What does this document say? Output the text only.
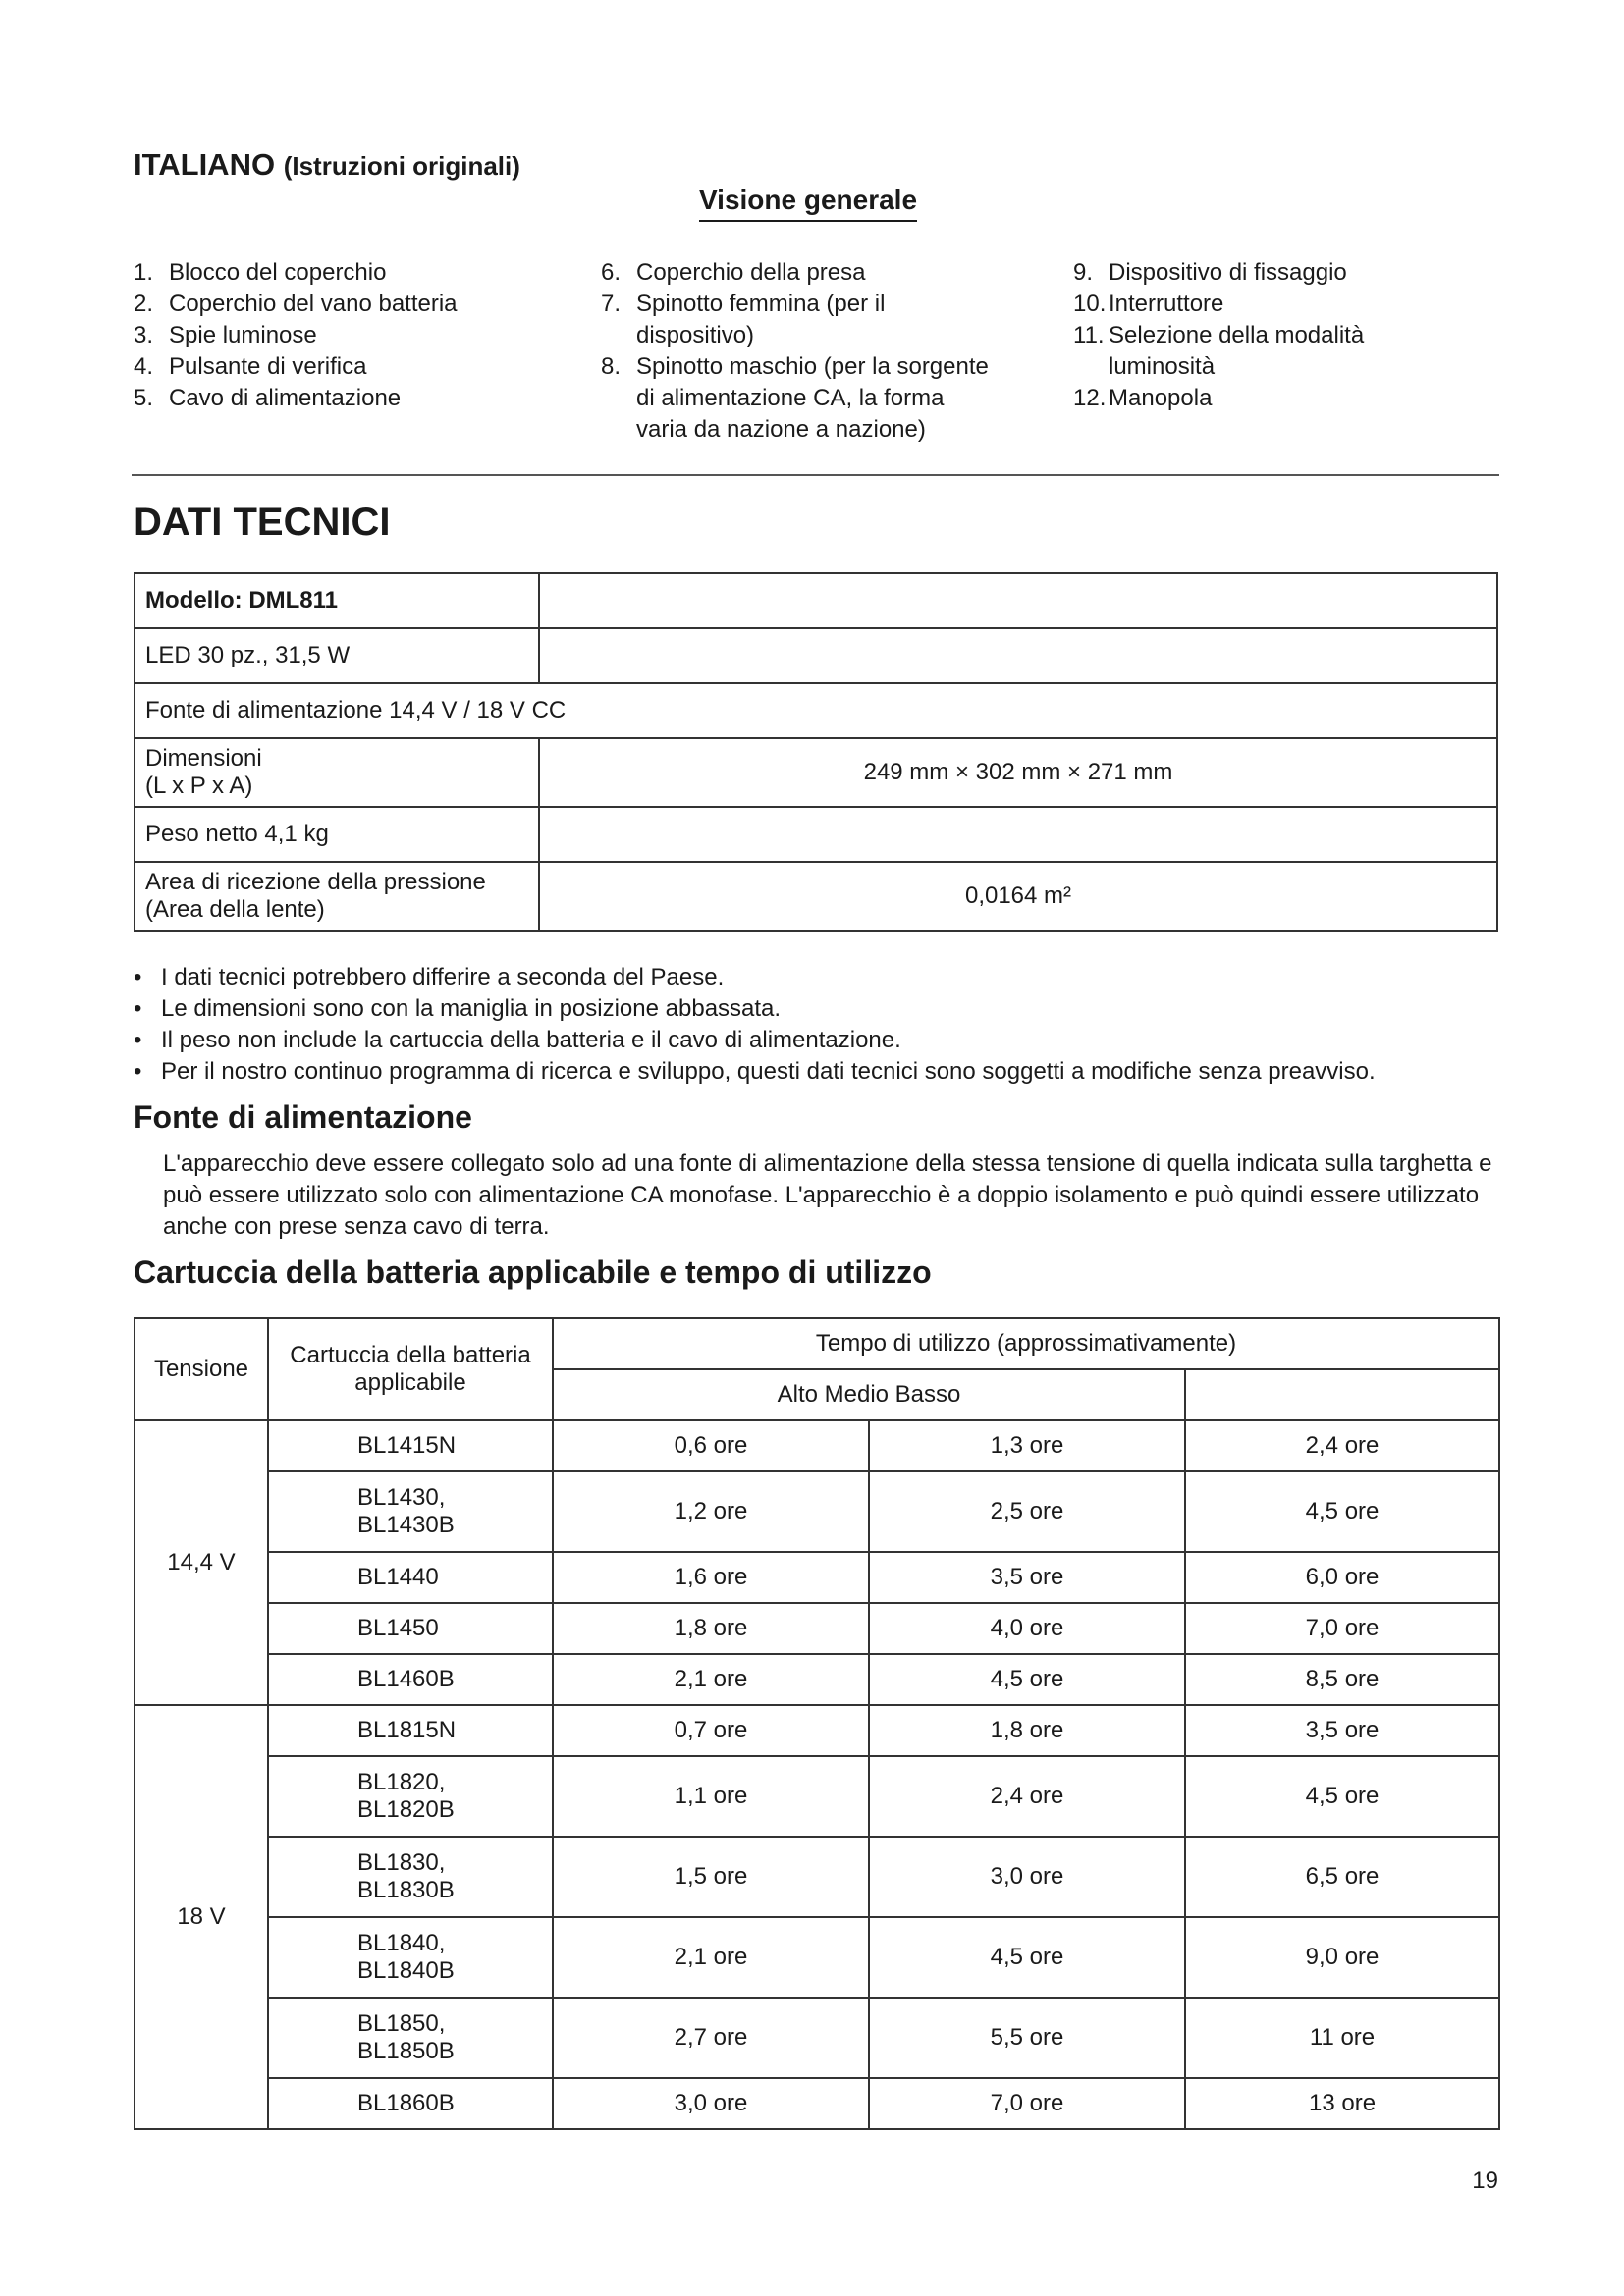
ITALIANO (Istruzioni originali)
Visione generale
1. Blocco del coperchio
2. Coperchio del vano batteria
3. Spie luminose
4. Pulsante di verifica
5. Cavo di alimentazione
6. Coperchio della presa
7. Spinotto femmina (per il
dispositivo)
8. Spinotto maschio (per la sorgente
di alimentazione CA, la forma
varia da nazione a nazione)
9. Dispositivo di fissaggio
10. Interruttore
11. Selezione della modalità
luminosità
12. Manopola
DATI TECNICI
Modello: DML811	
LED 30 pz., 31,5 W	
Fonte di alimentazione 14,4 V / 18 V CC	
Dimensioni
(L x P x A)	249 mm × 302 mm × 271 mm
Peso netto 4,1 kg	
Area di ricezione della pressione
(Area della lente)	0,0164 m²
• I dati tecnici potrebbero differire a seconda del Paese.
• Le dimensioni sono con la maniglia in posizione abbassata.
• Il peso non include la cartuccia della batteria e il cavo di alimentazione.
• Per il nostro continuo programma di ricerca e sviluppo, questi dati tecnici sono soggetti a modifiche senza preavviso.
Fonte di alimentazione
L'apparecchio deve essere collegato solo ad una fonte di alimentazione della stessa tensione di quella indicata sulla targhetta e può essere utilizzato solo con alimentazione CA monofase. L'apparecchio è a doppio isolamento e può quindi essere utilizzato anche con prese senza cavo di terra.
Cartuccia della batteria applicabile e tempo di utilizzo
Tensione	Cartuccia della batteria applicabile	Tempo di utilizzo (approssimativamente)		
		Alto Medio Basso		
14,4 V	BL1415N	0,6 ore	1,3 ore	2,4 ore
	BL1430,
BL1430B	1,2 ore	2,5 ore	4,5 ore
	BL1440	1,6 ore	3,5 ore	6,0 ore
	BL1450	1,8 ore	4,0 ore	7,0 ore
	BL1460B	2,1 ore	4,5 ore	8,5 ore
18 V	BL1815N	0,7 ore	1,8 ore	3,5 ore
	BL1820,
BL1820B	1,1 ore	2,4 ore	4,5 ore
	BL1830,
BL1830B	1,5 ore	3,0 ore	6,5 ore
	BL1840,
BL1840B	2,1 ore	4,5 ore	9,0 ore
	BL1850,
BL1850B	2,7 ore	5,5 ore	11 ore
	BL1860B	3,0 ore	7,0 ore	13 ore
19
